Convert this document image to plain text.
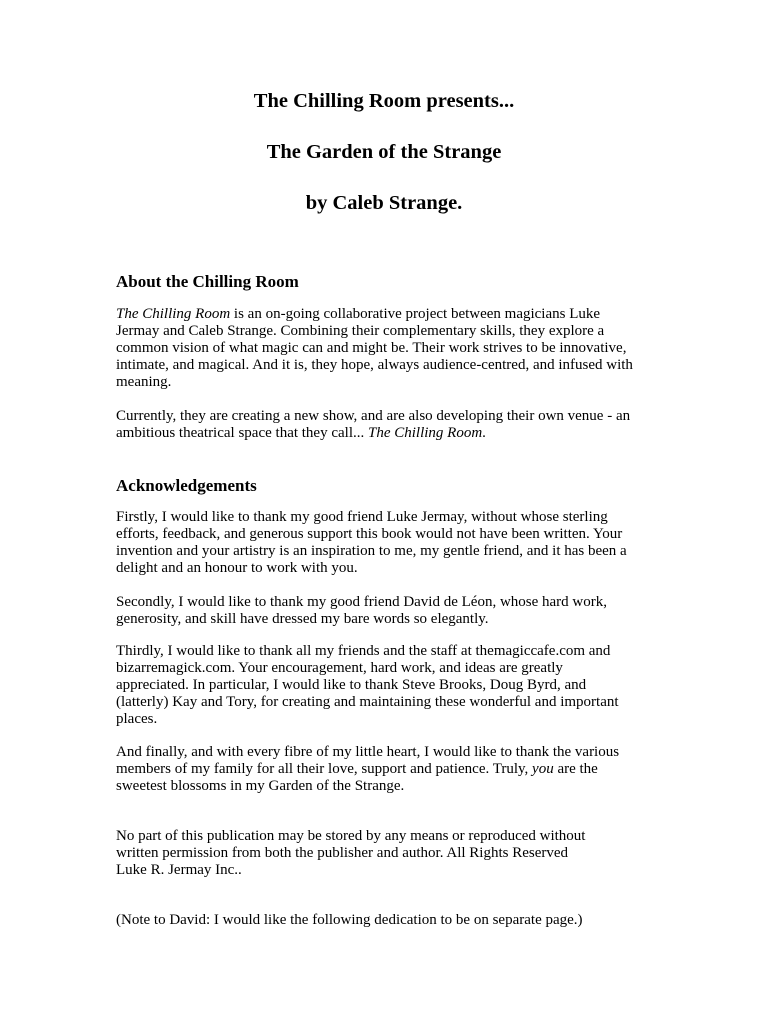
The Chilling Room presents...
The Garden of the Strange
by Caleb Strange.
About the Chilling Room

The Chilling Room is an on-going collaborative project between magicians Luke
Jermay and Caleb Strange. Combining their complementary skills, they explore a
common vision of what magic can and might be. Their work strives to be innovative,
intimate, and magical. And it is, they hope, always audience-centred, and infused with
meaning.

Currently, they are creating a new show, and are also developing their own venue - an
ambitious theatrical space that they call... The Chilling Room.

Acknowledgements

Firstly, I would like to thank my good friend Luke Jermay, without whose sterling
efforts, feedback, and generous support this book would not have been written. Your
invention and your artistry is an inspiration to me, my gentle friend, and it has been a
delight and an honour to work with you.

Secondly, I would like to thank my good friend David de Léon, whose hard work,
generosity, and skill have dressed my bare words so elegantly.

Thirdly, I would like to thank all my friends and the staff at themagiccafe.com and
bizarremagick.com. Your encouragement, hard work, and ideas are greatly
appreciated. In particular, I would like to thank Steve Brooks, Doug Byrd, and
(latterly) Kay and Tory, for creating and maintaining these wonderful and important
places.

And finally, and with every fibre of my little heart, I would like to thank the various
members of my family for all their love, support and patience. Truly, you are the
sweetest blossoms in my Garden of the Strange.

No part of this publication may be stored by any means or reproduced without
written permission from both the publisher and author. All Rights Reserved
Luke R. Jermay Inc..

(Note to David: I would like the following dedication to be on separate page.)
